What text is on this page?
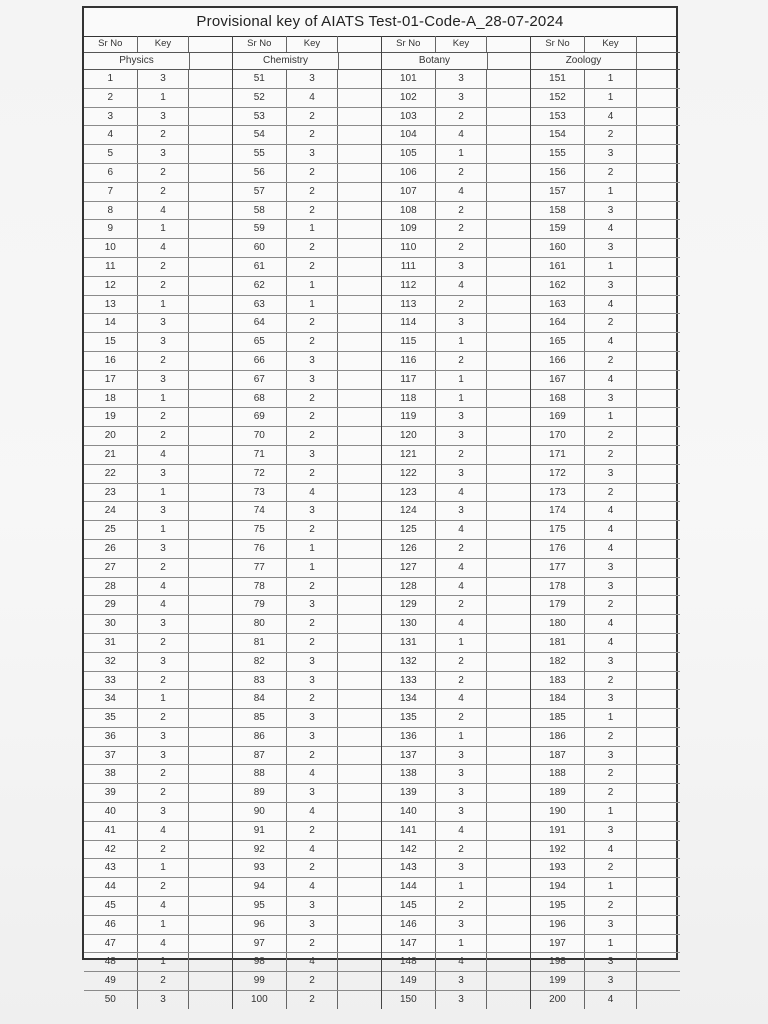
Provisional key of AIATS Test-01-Code-A_28-07-2024
Sr No	Key
Physics
1	3
2	1
3	3
4	2
5	3
6	2
7	2
8	4
9	1
10	4
11	2
12	2
13	1
14	3
15	3
16	2
17	3
18	1
19	2
20	2
21	4
22	3
23	1
24	3
25	1
26	3
27	2
28	4
29	4
30	3
31	2
32	3
33	2
34	1
35	2
36	3
37	3
38	2
39	2
40	3
41	4
42	2
43	1
44	2
45	4
46	1
47	4
48	1
49	2
50	3
Sr No	Key
Chemistry
51	3
52	4
53	2
54	2
55	3
56	2
57	2
58	2
59	1
60	2
61	2
62	1
63	1
64	2
65	2
66	3
67	3
68	2
69	2
70	2
71	3
72	2
73	4
74	3
75	2
76	1
77	1
78	2
79	3
80	2
81	2
82	3
83	3
84	2
85	3
86	3
87	2
88	4
89	3
90	4
91	2
92	4
93	2
94	4
95	3
96	3
97	2
98	4
99	2
100	2
Sr No	Key
Botany
101	3
102	3
103	2
104	4
105	1
106	2
107	4
108	2
109	2
110	2
111	3
112	4
113	2
114	3
115	1
116	2
117	1
118	1
119	3
120	3
121	2
122	3
123	4
124	3
125	4
126	2
127	4
128	4
129	2
130	4
131	1
132	2
133	2
134	4
135	2
136	1
137	3
138	3
139	3
140	3
141	4
142	2
143	3
144	1
145	2
146	3
147	1
148	4
149	3
150	3
Sr No	Key
Zoology
151	1
152	1
153	4
154	2
155	3
156	2
157	1
158	3
159	4
160	3
161	1
162	3
163	4
164	2
165	4
166	2
167	4
168	3
169	1
170	2
171	2
172	3
173	2
174	4
175	4
176	4
177	3
178	3
179	2
180	4
181	4
182	3
183	2
184	3
185	1
186	2
187	3
188	2
189	2
190	1
191	3
192	4
193	2
194	1
195	2
196	3
197	1
198	3
199	3
200	4
